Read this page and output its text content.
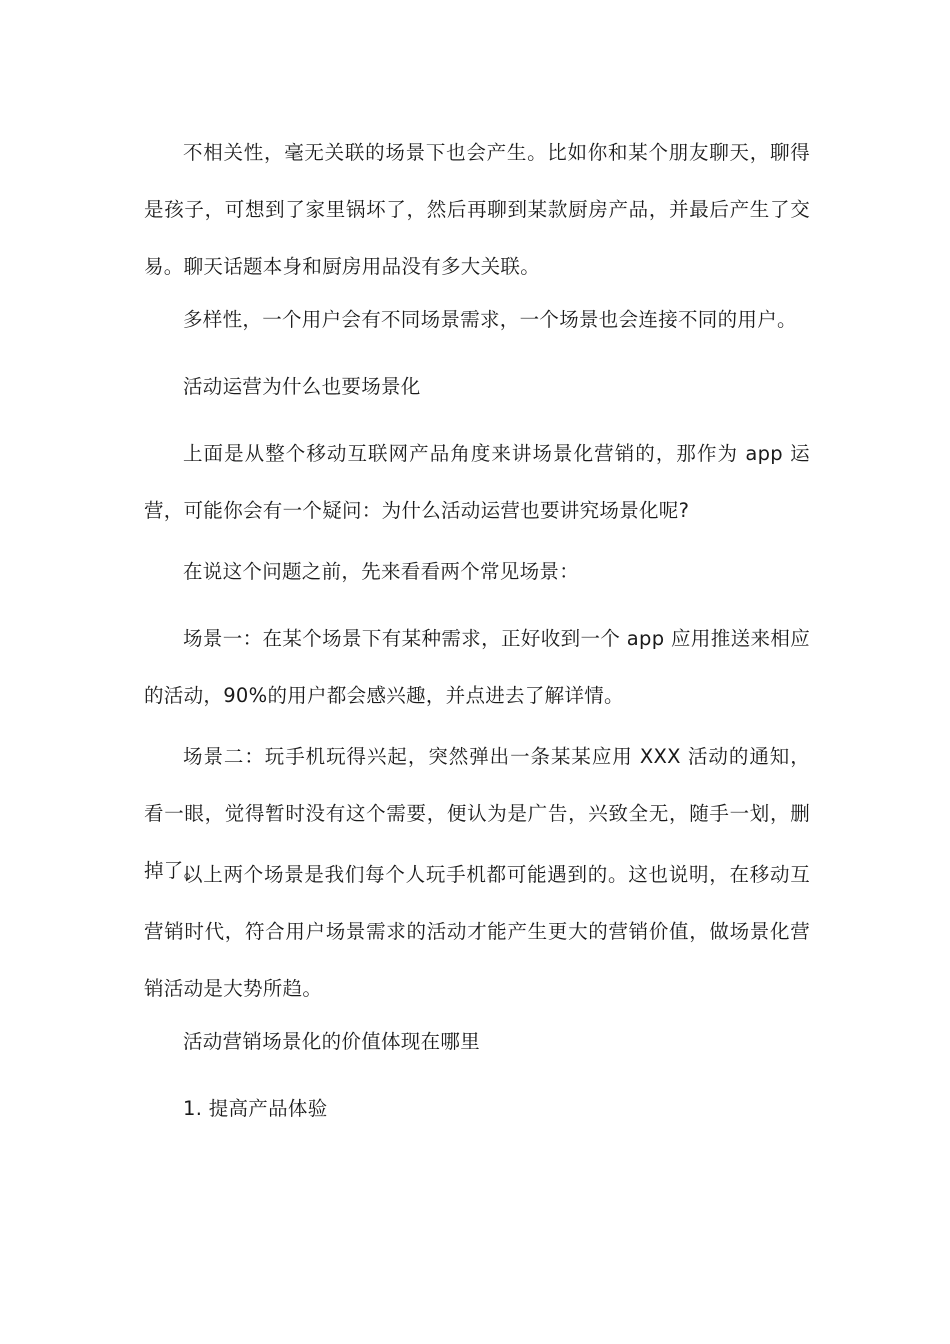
不相关性，毫无关联的场景下也会产生。比如你和某个朋友聊天，聊得是孩子，可想到了家里锅坏了，然后再聊到某款厨房产品，并最后产生了交易。聊天话题本身和厨房用品没有多大关联。

多样性，一个用户会有不同场景需求，一个场景也会连接不同的用户。

活动运营为什么也要场景化

上面是从整个移动互联网产品角度来讲场景化营销的，那作为 app 运营，可能你会有一个疑问：为什么活动运营也要讲究场景化呢?

在说这个问题之前，先来看看两个常见场景：

场景一：在某个场景下有某种需求，正好收到一个 app 应用推送来相应的活动，90%的用户都会感兴趣，并点进去了解详情。

场景二：玩手机玩得兴起，突然弹出一条某某应用 XXX 活动的通知，看一眼，觉得暂时没有这个需要，便认为是广告，兴致全无，随手一划，删掉了。

以上两个场景是我们每个人玩手机都可能遇到的。这也说明，在移动互营销时代，符合用户场景需求的活动才能产生更大的营销价值，做场景化营销活动是大势所趋。

活动营销场景化的价值体现在哪里

1. 提高产品体验
